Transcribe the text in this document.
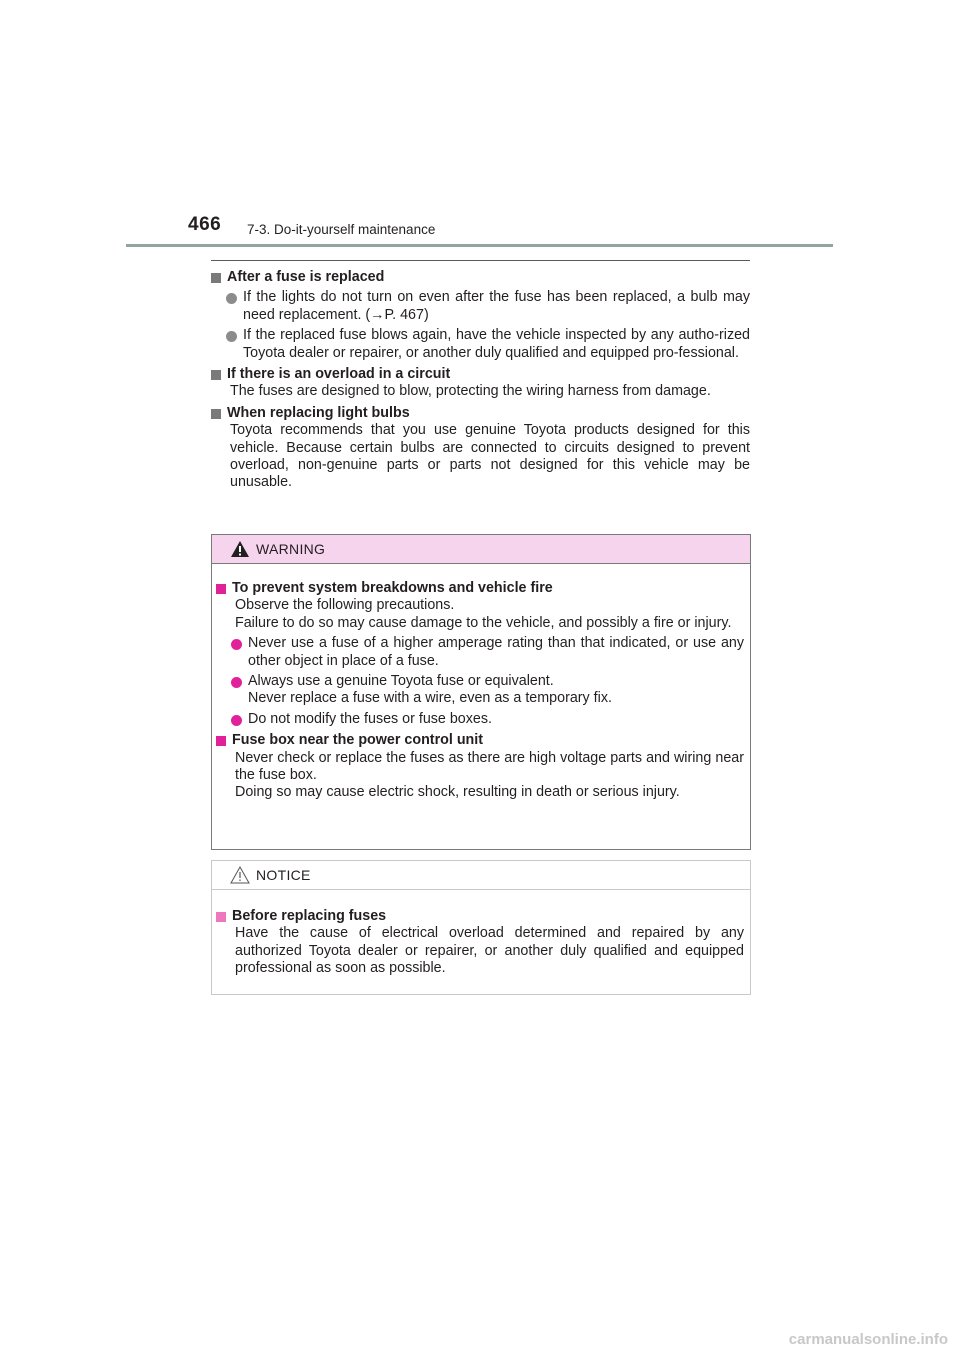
466 7-3. Do-it-yourself maintenance
After a fuse is replaced
If the lights do not turn on even after the fuse has been replaced, a bulb may need replacement. (→P. 467)
If the replaced fuse blows again, have the vehicle inspected by any autho-rized Toyota dealer or repairer, or another duly qualified and equipped pro-fessional.
If there is an overload in a circuit
The fuses are designed to blow, protecting the wiring harness from damage.
When replacing light bulbs
Toyota recommends that you use genuine Toyota products designed for this vehicle. Because certain bulbs are connected to circuits designed to prevent overload, non-genuine parts or parts not designed for this vehicle may be unusable.
WARNING
To prevent system breakdowns and vehicle fire
Observe the following precautions.
Failure to do so may cause damage to the vehicle, and possibly a fire or injury.
Never use a fuse of a higher amperage rating than that indicated, or use any other object in place of a fuse.
Always use a genuine Toyota fuse or equivalent.
Never replace a fuse with a wire, even as a temporary fix.
Do not modify the fuses or fuse boxes.
Fuse box near the power control unit
Never check or replace the fuses as there are high voltage parts and wiring near the fuse box.
Doing so may cause electric shock, resulting in death or serious injury.
NOTICE
Before replacing fuses
Have the cause of electrical overload determined and repaired by any authorized Toyota dealer or repairer, or another duly qualified and equipped professional as soon as possible.
carmanualsonline.info
